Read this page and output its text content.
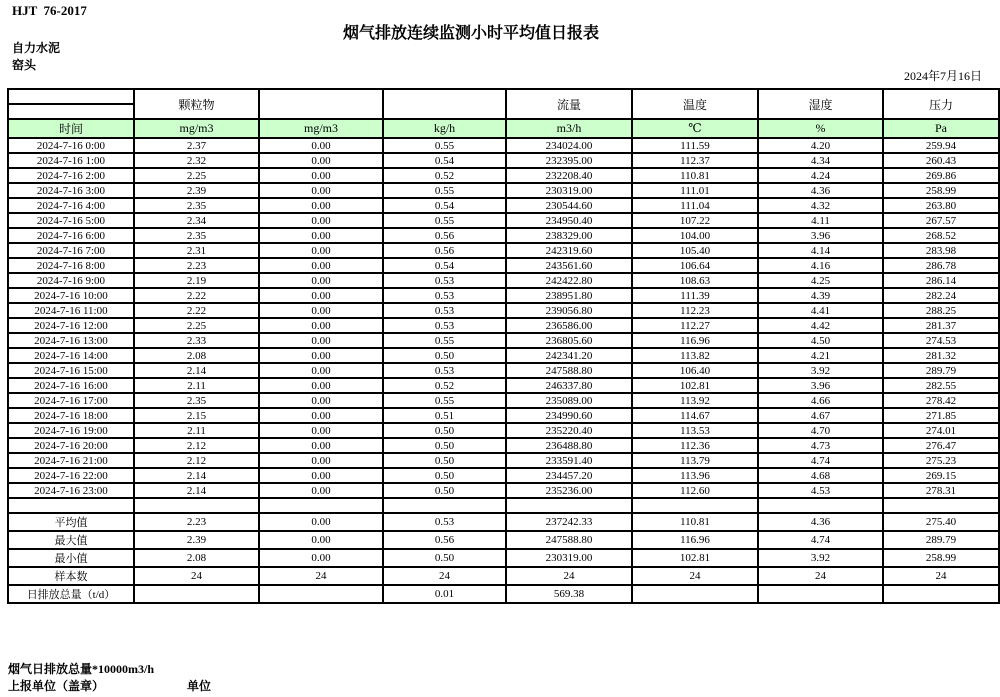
HJT  76-2017
烟气排放连续监测小时平均值日报表
自力水泥
窑头
2024年7月16日
	颗粒物			流量	温度	湿度	压力

时间	mg/m3	mg/m3	kg/h	m3/h	℃	%	Pa
2024-7-16 0:00	2.37	0.00	0.55	234024.00	111.59	4.20	259.94
2024-7-16 1:00	2.32	0.00	0.54	232395.00	112.37	4.34	260.43
2024-7-16 2:00	2.25	0.00	0.52	232208.40	110.81	4.24	269.86
2024-7-16 3:00	2.39	0.00	0.55	230319.00	111.01	4.36	258.99
2024-7-16 4:00	2.35	0.00	0.54	230544.60	111.04	4.32	263.80
2024-7-16 5:00	2.34	0.00	0.55	234950.40	107.22	4.11	267.57
2024-7-16 6:00	2.35	0.00	0.56	238329.00	104.00	3.96	268.52
2024-7-16 7:00	2.31	0.00	0.56	242319.60	105.40	4.14	283.98
2024-7-16 8:00	2.23	0.00	0.54	243561.60	106.64	4.16	286.78
2024-7-16 9:00	2.19	0.00	0.53	242422.80	108.63	4.25	286.14
2024-7-16 10:00	2.22	0.00	0.53	238951.80	111.39	4.39	282.24
2024-7-16 11:00	2.22	0.00	0.53	239056.80	112.23	4.41	288.25
2024-7-16 12:00	2.25	0.00	0.53	236586.00	112.27	4.42	281.37
2024-7-16 13:00	2.33	0.00	0.55	236805.60	116.96	4.50	274.53
2024-7-16 14:00	2.08	0.00	0.50	242341.20	113.82	4.21	281.32
2024-7-16 15:00	2.14	0.00	0.53	247588.80	106.40	3.92	289.79
2024-7-16 16:00	2.11	0.00	0.52	246337.80	102.81	3.96	282.55
2024-7-16 17:00	2.35	0.00	0.55	235089.00	113.92	4.66	278.42
2024-7-16 18:00	2.15	0.00	0.51	234990.60	114.67	4.67	271.85
2024-7-16 19:00	2.11	0.00	0.50	235220.40	113.53	4.70	274.01
2024-7-16 20:00	2.12	0.00	0.50	236488.80	112.36	4.73	276.47
2024-7-16 21:00	2.12	0.00	0.50	233591.40	113.79	4.74	275.23
2024-7-16 22:00	2.14	0.00	0.50	234457.20	113.96	4.68	269.15
2024-7-16 23:00	2.14	0.00	0.50	235236.00	112.60	4.53	278.31

平均值	2.23	0.00	0.53	237242.33	110.81	4.36	275.40
最大值	2.39	0.00	0.56	247588.80	116.96	4.74	289.79
最小值	2.08	0.00	0.50	230319.00	102.81	3.92	258.99
样本数	24	24	24	24	24	24	24
日排放总量（t/d）			0.01	569.38			
烟气日排放总量*10000m3/h
上报单位（盖章）	单位
